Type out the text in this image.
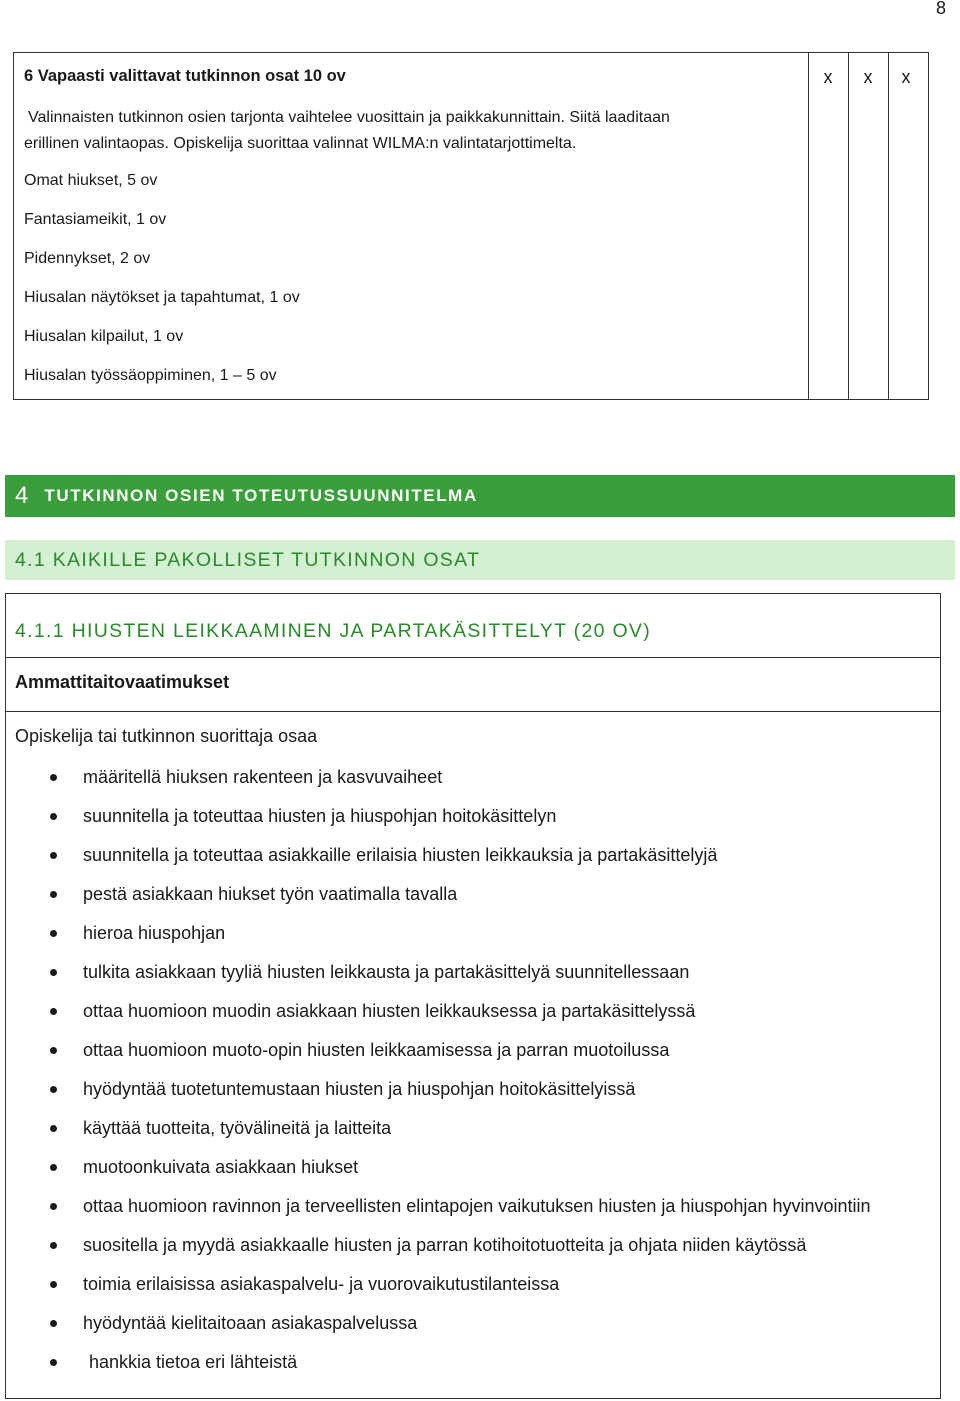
8
x	x	x
6 Vapaasti valittavat tutkinnon osat 10 ov
Valinnaisten tutkinnon osien tarjonta vaihtelee vuosittain ja paikkakunnittain. Siitä laaditaan
erillinen valintaopas. Opiskelija suorittaa valinnat WILMA:n valintatarjottimelta.
Omat hiukset, 5 ov
Fantasiameikit, 1 ov
Pidennykset, 2 ov
Hiusalan näytökset ja tapahtumat, 1 ov
Hiusalan kilpailut, 1 ov
Hiusalan työssäoppiminen, 1 – 5 ov
4 TUTKINNON OSIEN TOTEUTUSSUUNNITELMA
4.1 KAIKILLE PAKOLLISET TUTKINNON OSAT
4.1.1 HIUSTEN LEIKKAAMINEN JA PARTAKÄSITTELYT (20 OV)
Ammattitaitovaatimukset
Opiskelija tai tutkinnon suorittaja osaa
määritellä hiuksen rakenteen ja kasvuvaiheet
suunnitella ja toteuttaa hiusten ja hiuspohjan hoitokäsittelyn
suunnitella ja toteuttaa asiakkaille erilaisia hiusten leikkauksia ja partakäsittelyjä
pestä asiakkaan hiukset työn vaatimalla tavalla
hieroa hiuspohjan
tulkita asiakkaan tyyliä hiusten leikkausta ja partakäsittelyä suunnitellessaan
ottaa huomioon muodin asiakkaan hiusten leikkauksessa ja partakäsittelyssä
ottaa huomioon muoto-opin hiusten leikkaamisessa ja parran muotoilussa
hyödyntää tuotetuntemustaan hiusten ja hiuspohjan hoitokäsittelyissä
käyttää tuotteita, työvälineitä ja laitteita
muotoonkuivata asiakkaan hiukset
ottaa huomioon ravinnon ja terveellisten elintapojen vaikutuksen hiusten ja hiuspohjan hyvinvointiin
suositella ja myydä asiakkaalle hiusten ja parran kotihoitotuotteita ja ohjata niiden käytössä
toimia erilaisissa asiakaspalvelu- ja vuorovaikutustilanteissa
hyödyntää kielitaitoaan asiakaspalvelussa
hankkia tietoa eri lähteistä
